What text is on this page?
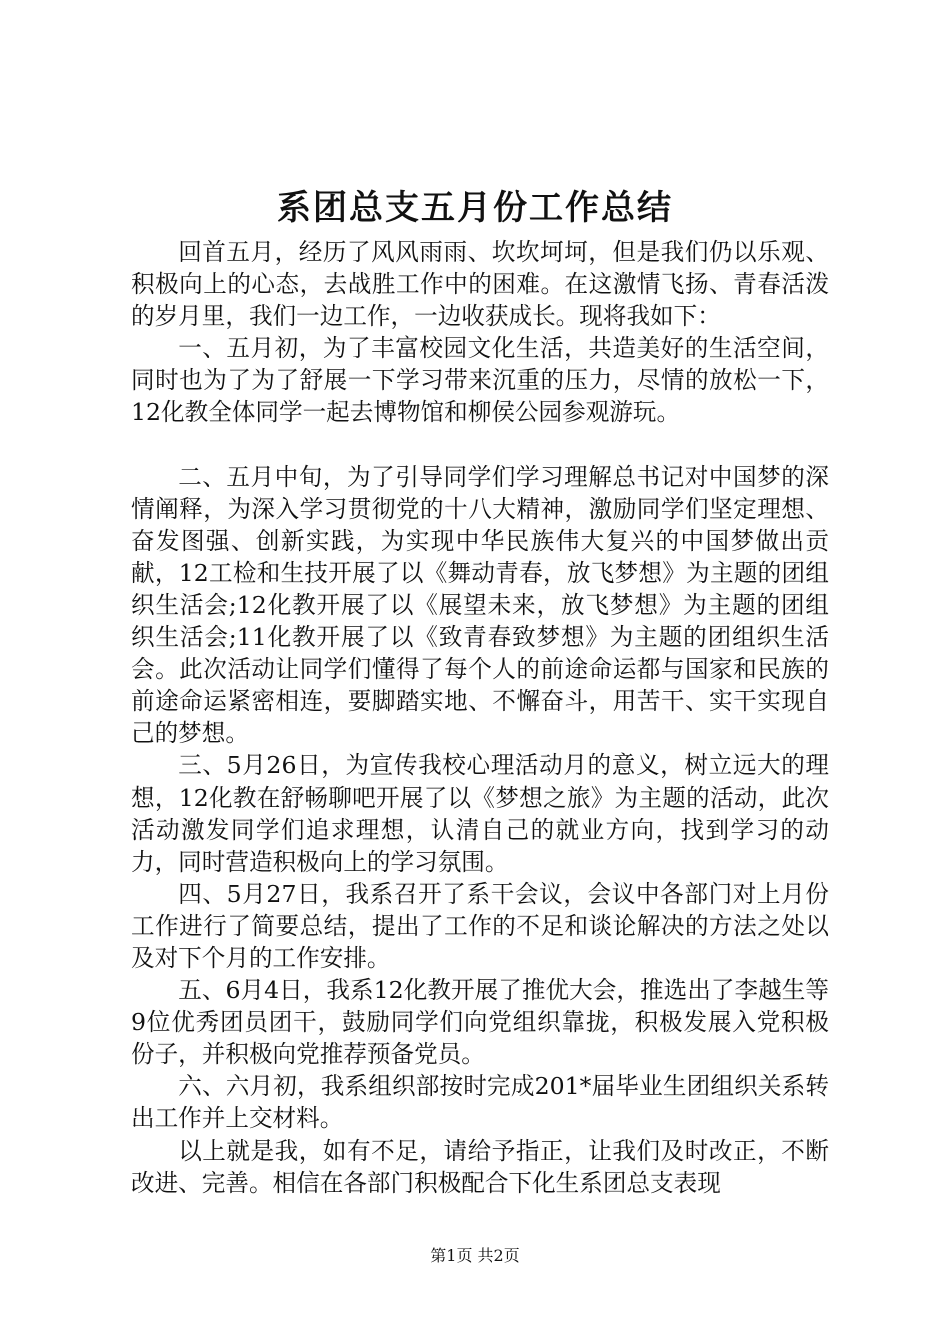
系团总支五月份工作总结

回首五月，经历了风风雨雨、坎坎坷坷，但是我们仍以乐观、积极向上的心态，去战胜工作中的困难。在这激情飞扬、青春活泼的岁月里，我们一边工作，一边收获成长。现将我如下：

一、五月初，为了丰富校园文化生活，共造美好的生活空间，同时也为了为了舒展一下学习带来沉重的压力，尽情的放松一下，12化教全体同学一起去博物馆和柳侯公园参观游玩。

二、五月中旬，为了引导同学们学习理解总书记对中国梦的深情阐释，为深入学习贯彻党的十八大精神，激励同学们坚定理想、奋发图强、创新实践，为实现中华民族伟大复兴的中国梦做出贡献，12工检和生技开展了以《舞动青春，放飞梦想》为主题的团组织生活会;12化教开展了以《展望未来，放飞梦想》为主题的团组织生活会;11化教开展了以《致青春致梦想》为主题的团组织生活会。此次活动让同学们懂得了每个人的前途命运都与国家和民族的前途命运紧密相连，要脚踏实地、不懈奋斗，用苦干、实干实现自己的梦想。

三、5月26日，为宣传我校心理活动月的意义，树立远大的理想，12化教在舒畅聊吧开展了以《梦想之旅》为主题的活动，此次活动激发同学们追求理想，认清自己的就业方向，找到学习的动力，同时营造积极向上的学习氛围。

四、5月27日，我系召开了系干会议，会议中各部门对上月份工作进行了简要总结，提出了工作的不足和谈论解决的方法之处以及对下个月的工作安排。

五、6月4日，我系12化教开展了推优大会，推选出了李越生等9位优秀团员团干，鼓励同学们向党组织靠拢，积极发展入党积极份子，并积极向党推荐预备党员。

六、六月初，我系组织部按时完成201*届毕业生团组织关系转出工作并上交材料。

以上就是我，如有不足，请给予指正，让我们及时改正，不断改进、完善。相信在各部门积极配合下化生系团总支表现

第1页 共2页
